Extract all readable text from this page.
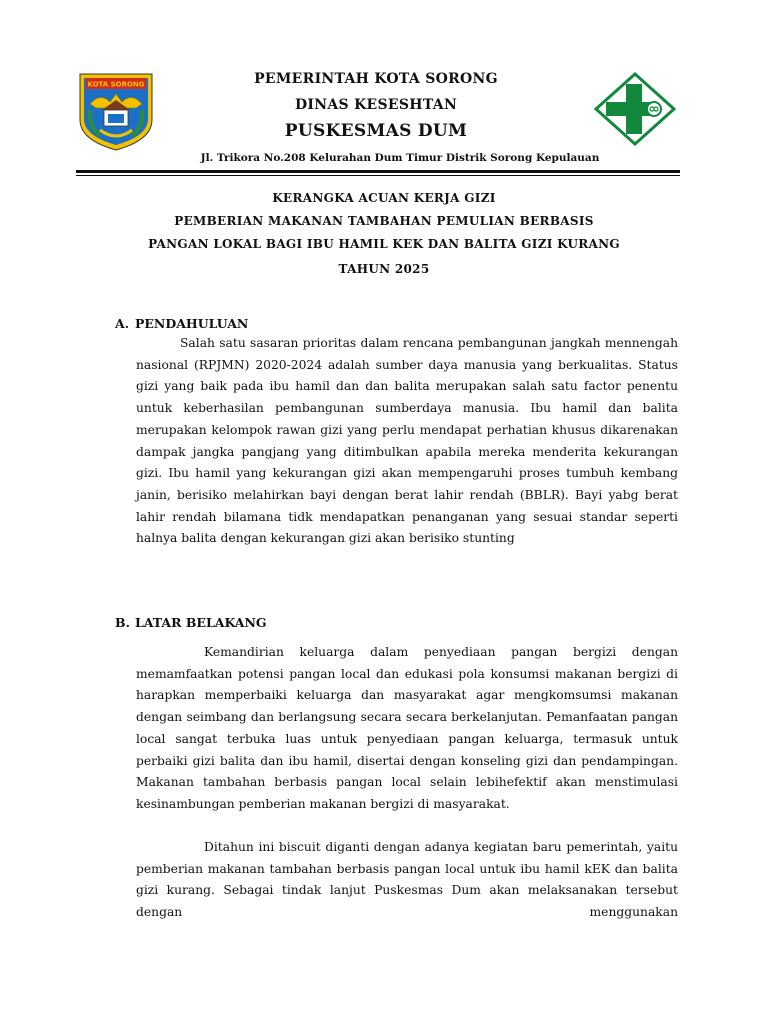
KOTA SORONG	PEMERINTAH KOTA SORONG
DINAS KESESHTAN
PUSKESMAS DUM
Jl. Trikora No.208 Kelurahan Dum Timur Distrik Sorong Kepulauan
KERANGKA ACUAN KERJA GIZI
PEMBERIAN MAKANAN TAMBAHAN PEMULIAN BERBASIS
PANGAN LOKAL BAGI IBU HAMIL KEK DAN BALITA GIZI KURANG
TAHUN 2025
A. PENDAHULUAN

Salah satu sasaran prioritas dalam rencana pembangunan jangkah mennengah nasional (RPJMN) 2020-2024 adalah sumber daya manusia yang berkualitas. Status gizi yang baik pada ibu hamil dan dan balita merupakan salah satu factor penentu untuk keberhasilan pembangunan sumberdaya manusia. Ibu hamil dan balita merupakan kelompok rawan gizi yang perlu mendapat perhatian khusus dikarenakan dampak jangka pangjang yang ditimbulkan apabila mereka menderita kekurangan gizi. Ibu hamil yang kekurangan gizi akan mempengaruhi proses tumbuh kembang janin, berisiko melahirkan bayi dengan berat lahir rendah (BBLR). Bayi yabg berat lahir rendah bilamana tidk mendapatkan penanganan yang sesuai standar seperti halnya balita dengan kekurangan gizi akan berisiko stunting

B. LATAR BELAKANG

Kemandirian keluarga dalam penyediaan pangan bergizi dengan memamfaatkan potensi pangan local dan edukasi pola konsumsi makanan bergizi di harapkan memperbaiki keluarga dan masyarakat agar mengkomsumsi makanan dengan seimbang dan berlangsung secara secara berkelanjutan. Pemanfaatan pangan local sangat terbuka luas untuk penyediaan pangan keluarga, termasuk untuk perbaiki gizi balita dan ibu hamil, disertai dengan konseling gizi dan pendampingan. Makanan tambahan berbasis pangan local selain lebihefektif akan menstimulasi kesinambungan pemberian makanan bergizi di masyarakat.

Ditahun ini biscuit diganti dengan adanya kegiatan baru pemerintah, yaitu pemberian makanan tambahan berbasis pangan local untuk ibu hamil kEK dan balita gizi kurang. Sebagai tindak lanjut Puskesmas Dum akan melaksanakan tersebut dengan menggunakan
